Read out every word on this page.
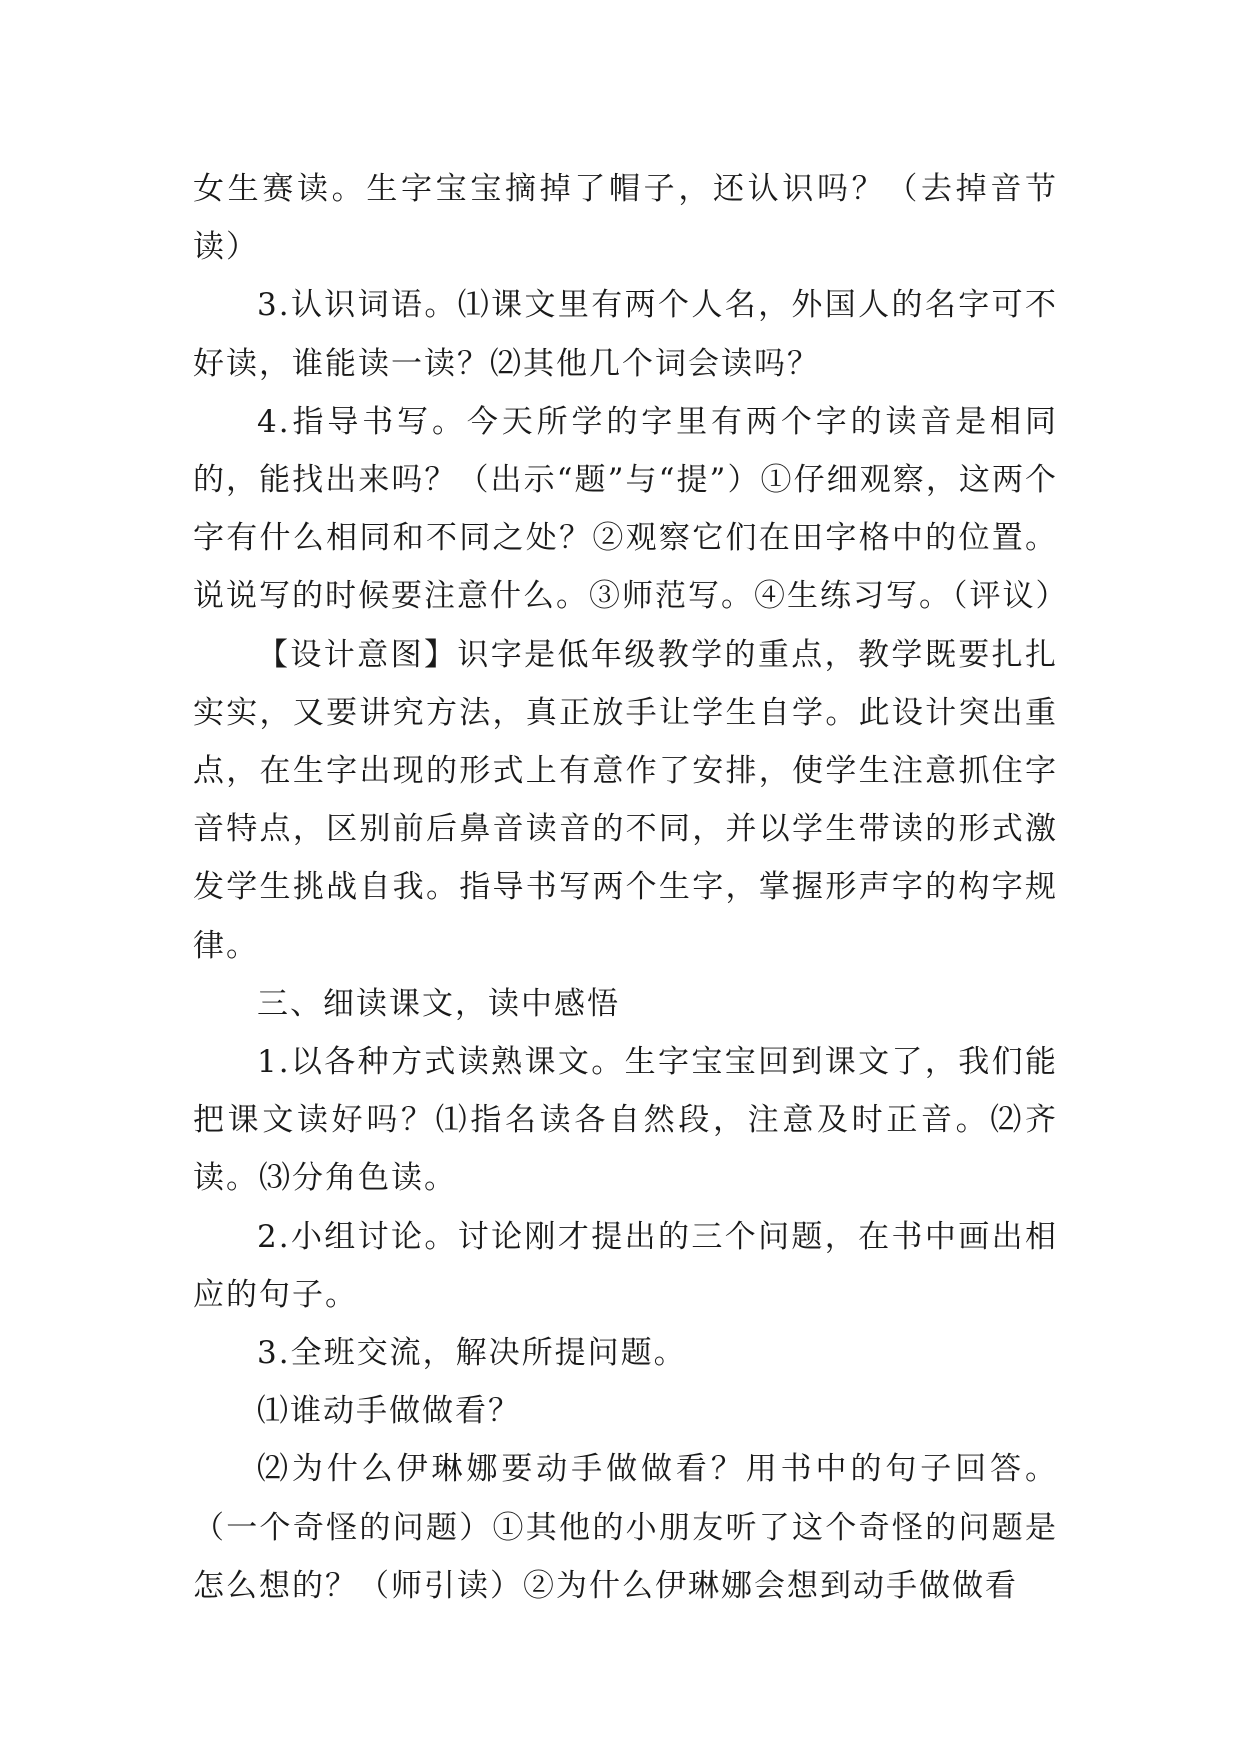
女生赛读。生字宝宝摘掉了帽子，还认识吗？（去掉音节读）

3.认识词语。⑴课文里有两个人名，外国人的名字可不好读，谁能读一读？⑵其他几个词会读吗？

4.指导书写。今天所学的字里有两个字的读音是相同的，能找出来吗？（出示“题”与“提”）①仔细观察，这两个字有什么相同和不同之处？②观察它们在田字格中的位置。说说写的时候要注意什么。③师范写。④生练习写。（评议）

【设计意图】识字是低年级教学的重点，教学既要扎扎实实，又要讲究方法，真正放手让学生自学。此设计突出重点，在生字出现的形式上有意作了安排，使学生注意抓住字音特点，区别前后鼻音读音的不同，并以学生带读的形式激发学生挑战自我。指导书写两个生字，掌握形声字的构字规律。

三、细读课文，读中感悟

1.以各种方式读熟课文。生字宝宝回到课文了，我们能把课文读好吗？⑴指名读各自然段，注意及时正音。⑵齐读。⑶分角色读。

2.小组讨论。讨论刚才提出的三个问题，在书中画出相应的句子。

3.全班交流，解决所提问题。

⑴谁动手做做看？

⑵为什么伊琳娜要动手做做看？用书中的句子回答。（一个奇怪的问题）①其他的小朋友听了这个奇怪的问题是怎么想的？（师引读）②为什么伊琳娜会想到动手做做看
